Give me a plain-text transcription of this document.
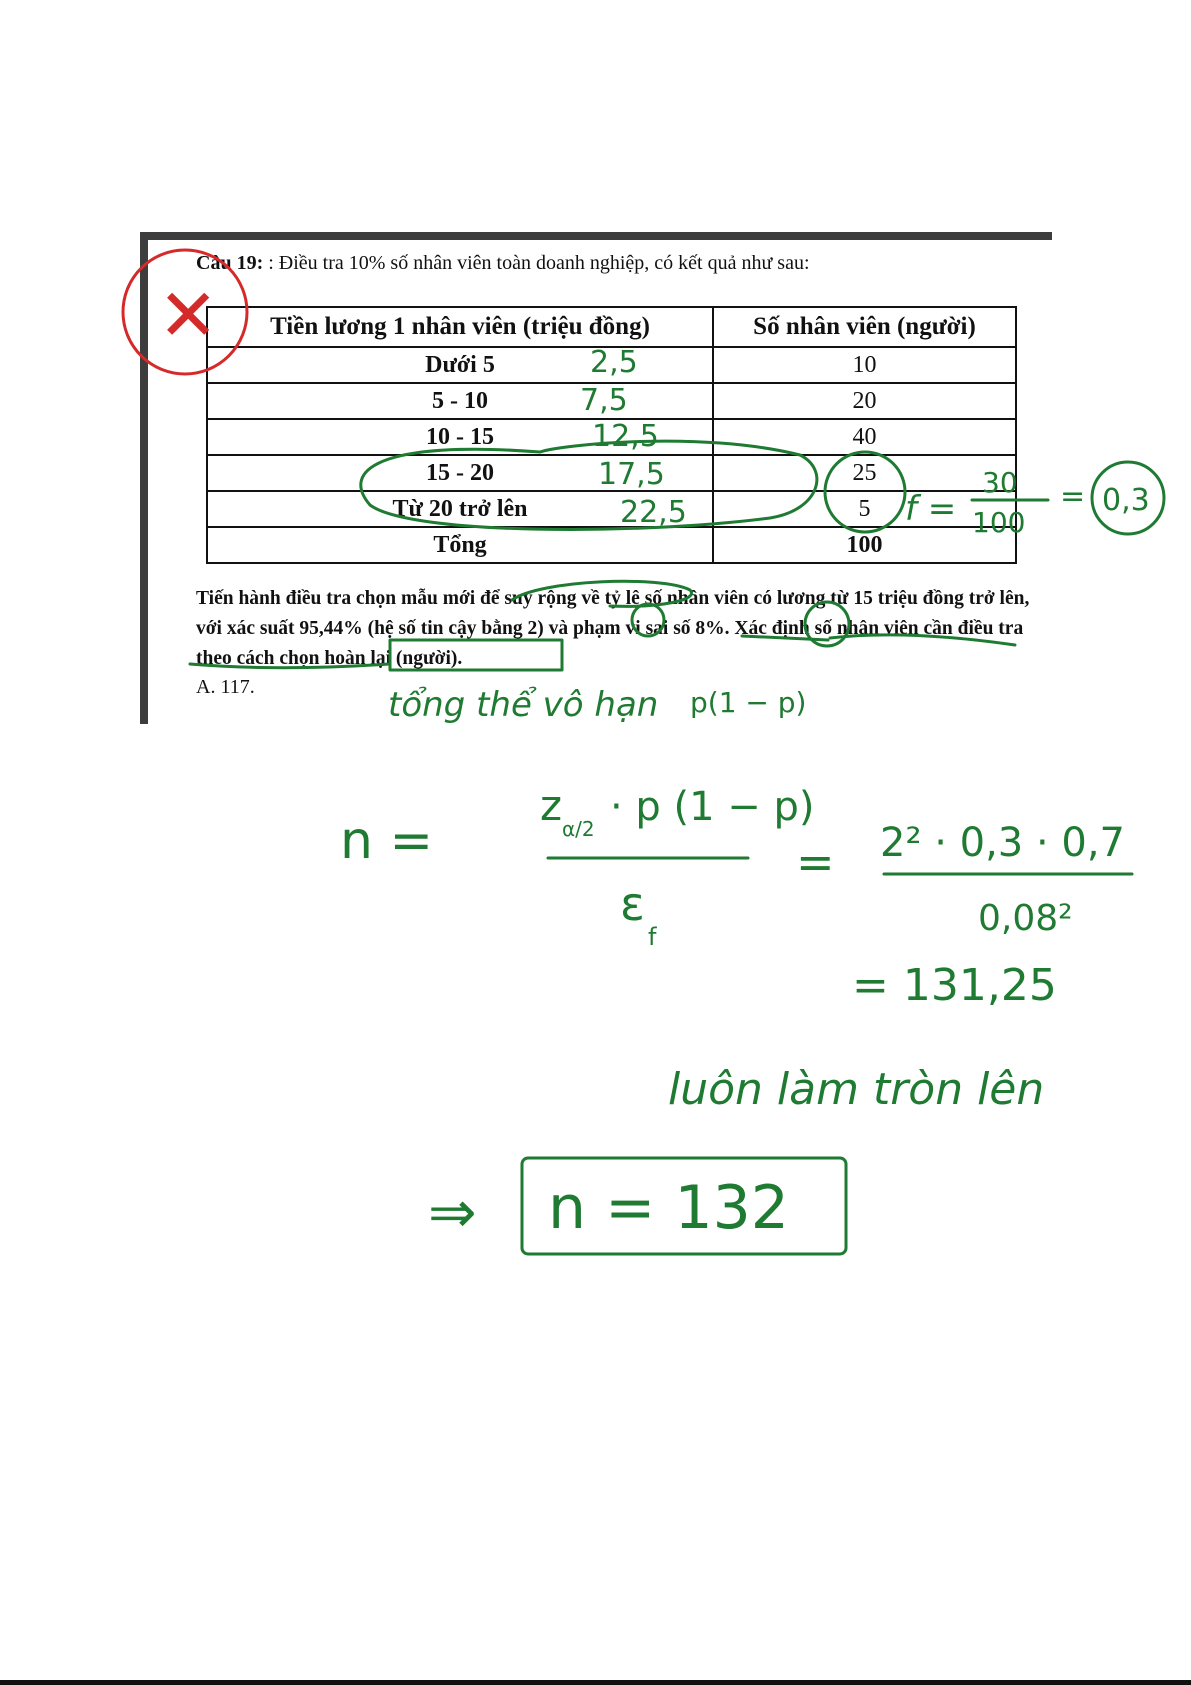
Câu 19: : Điều tra 10% số nhân viên toàn doanh nghiệp, có kết quả như sau:
Tiền lương 1 nhân viên (triệu đồng)	Số nhân viên (người)
Dưới 5	10
5 - 10	20
10 - 15	40
15 - 20	25
Từ 20 trở lên	5
Tổng	100
Tiến hành điều tra chọn mẫu mới để suy rộng về tỷ lệ số nhân viên có lương từ 15 triệu đồng trở lên, với xác suất 95,44% (hệ số tin cậy bằng 2) và phạm vi sai số 8%. Xác định số nhân viên cần điều tra theo cách chọn hoàn lại (người).
A. 117.
✕
2,5
7,5
12,5
17,5
22,5	f =
30
100
= 0,3
tổng thể vô hạn p(1 − p)
n =
z α/2 · p (1 − p)
ε
f
= 2² · 0,3 · 0,7
0,08²
= 131,25
luôn làm tròn lên
⇒ n = 132
